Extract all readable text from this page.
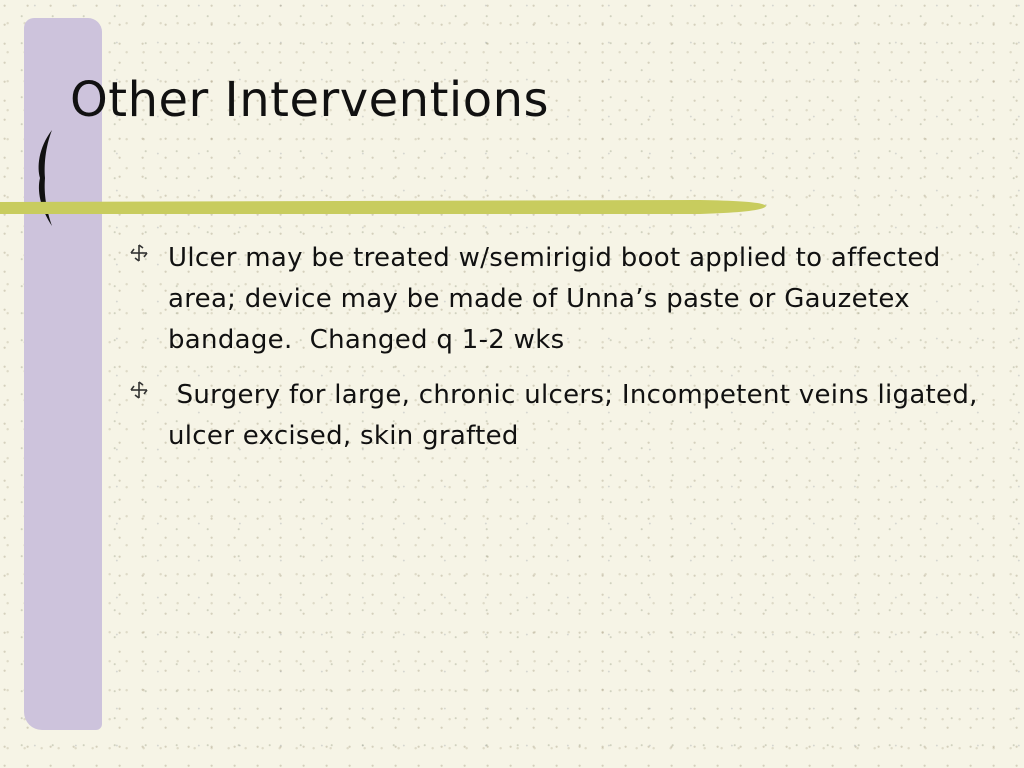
Other Interventions
Ulcer may be treated w/semirigid boot applied to affected area; device may be made of Unna’s paste or Gauzetex bandage.  Changed q 1-2 wks
Surgery for large, chronic ulcers; Incompetent veins ligated, ulcer excised, skin grafted
